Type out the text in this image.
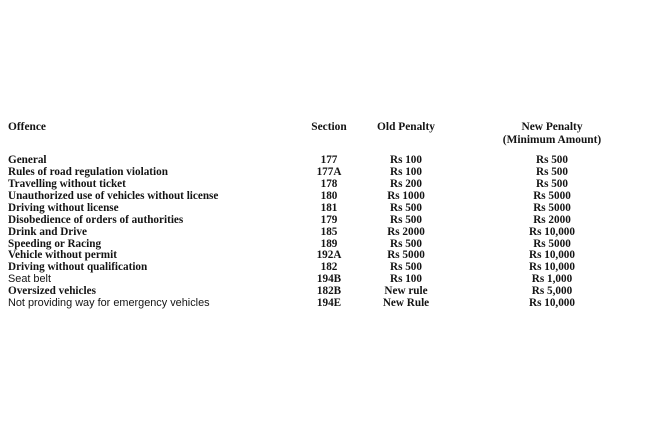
Offence	Section	Old Penalty	New Penalty
(Minimum Amount)

General	177	Rs 100	Rs 500
Rules of road regulation violation	177A	Rs 100	Rs 500
Travelling without ticket	178	Rs 200	Rs 500
Unauthorized use of vehicles without license	180	Rs 1000	Rs 5000
Driving without license	181	Rs 500	Rs 5000
Disobedience of orders of authorities	179	Rs 500	Rs 2000
Drink and Drive	185	Rs 2000	Rs 10,000
Speeding or Racing	189	Rs 500	Rs 5000
Vehicle without permit	192A	Rs 5000	Rs 10,000
Driving without qualification	182	Rs 500	Rs 10,000
Seat belt	194B	Rs 100	Rs 1,000
Oversized vehicles	182B	New rule	Rs 5,000
Not providing way for emergency vehicles	194E	New Rule	Rs 10,000
